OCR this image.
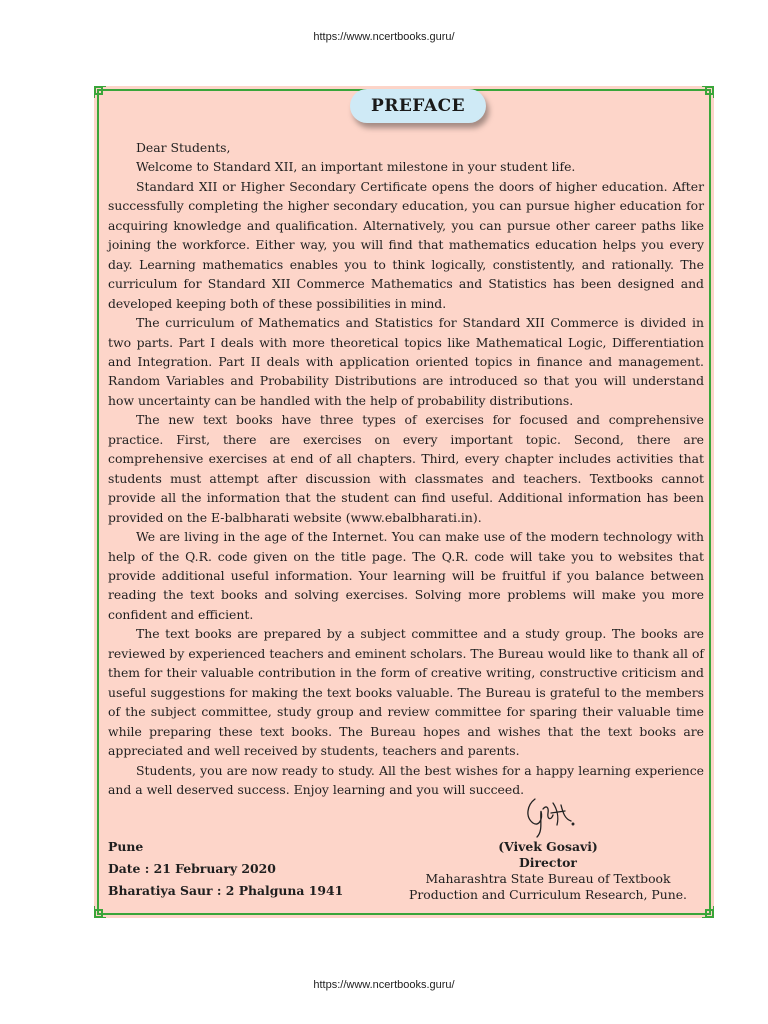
https://www.ncertbooks.guru/
PREFACE

Dear Students,

Welcome to Standard XII, an important milestone in your student life.

Standard XII or Higher Secondary Certificate opens the doors of higher education. After successfully completing the higher secondary education, you can pursue higher education for acquiring knowledge and qualification. Alternatively, you can pursue other career paths like joining the workforce. Either way, you will find that mathematics education helps you every day. Learning mathematics enables you to think logically, constistently, and rationally. The curriculum for Standard XII Commerce Mathematics and Statistics has been designed and developed keeping both of these possibilities in mind.

The curriculum of Mathematics and Statistics for Standard XII Commerce is divided in two parts. Part I deals with more theoretical topics like Mathematical Logic, Differentiation and Integration. Part II deals with application oriented topics in finance and management. Random Variables and Probability Distributions are introduced so that you will understand how uncertainty can be handled with the help of probability distributions.

The new text books have three types of exercises for focused and comprehensive practice. First, there are exercises on every important topic. Second, there are comprehensive exercises at end of all chapters. Third, every chapter includes activities that students must attempt after discussion with classmates and teachers. Textbooks cannot provide all the information that the student can find useful. Additional information has been provided on the E-balbharati website (www.ebalbharati.in).

We are living in the age of the Internet. You can make use of the modern technology with help of the Q.R. code given on the title page. The Q.R. code will take you to websites that provide additional useful information. Your learning will be fruitful if you balance between reading the text books and solving exercises. Solving more problems will make you more confident and efficient.

The text books are prepared by a subject committee and a study group. The books are reviewed by experienced teachers and eminent scholars. The Bureau would like to thank all of them for their valuable contribution in the form of creative writing, constructive criticism and useful suggestions for making the text books valuable. The Bureau is grateful to the members of the subject committee, study group and review committee for sparing their valuable time while preparing these text books. The Bureau hopes and wishes that the text books are appreciated and well received by students, teachers and parents.

Students, you are now ready to study. All the best wishes for a happy learning experience and a well deserved success. Enjoy learning and you will succeed.

Pune
Date : 21 February 2020
Bharatiya Saur : 2 Phalguna 1941
(Vivek Gosavi)
Director
Maharashtra State Bureau of Textbook
Production and Curriculum Research, Pune.
https://www.ncertbooks.guru/
